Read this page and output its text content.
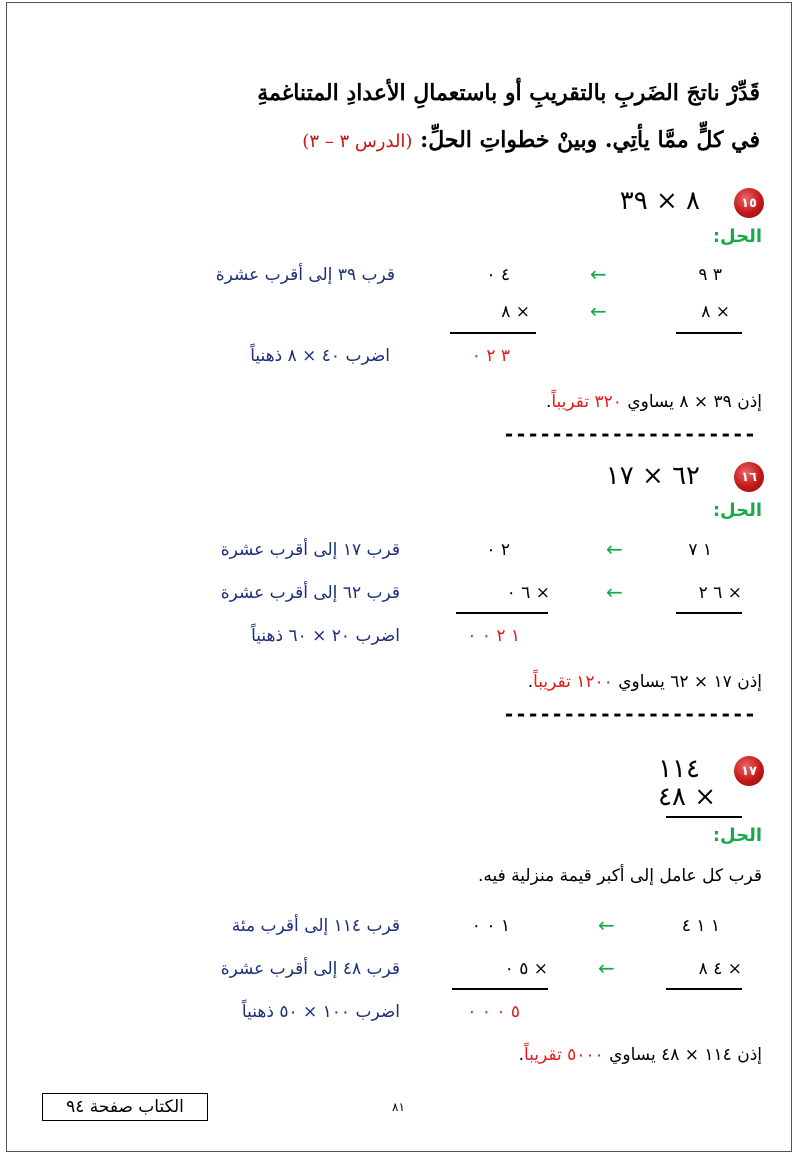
قَدِّرْ ناتجَ الضَربِ بالتقريبِ أو باستعمالِ الأعدادِ المتناغمةِ
في كلٍّ ممَّا يأتِي. وبينْ خطواتِ الحلِّ: (الدرس ٣ – ٣)
١٥
٨ × ٣٩
الحل:
٣ ٩
←
٤ ٠
قرب ٣٩ إلى أقرب عشرة
× ٨
←
× ٨
٣ ٢ ٠
اضرب ٤٠ × ٨ ذهنياً
إذن ٣٩ × ٨ يساوي ٣٢٠ تقريباً.
---------------------
١٦
٦٢ × ١٧
الحل:
١ ٧
←
٢ ٠
قرب ١٧ إلى أقرب عشرة
× ٦ ٢
←
× ٦ ٠
قرب ٦٢ إلى أقرب عشرة
١ ٢ ٠ ٠
اضرب ٢٠ × ٦٠ ذهنياً
إذن ١٧ × ٦٢ يساوي ١٢٠٠ تقريباً.
---------------------
١٧
١١٤
× ٤٨
الحل:
قرب كل عامل إلى أكبر قيمة منزلية فيه.
١ ١ ٤
←
١ ٠ ٠
قرب ١١٤ إلى أقرب مئة
× ٤ ٨
←
× ٥ ٠
قرب ٤٨ إلى أقرب عشرة
٥ ٠ ٠ ٠
اضرب ١٠٠ × ٥٠ ذهنياً
إذن ١١٤ × ٤٨ يساوي ٥٠٠٠ تقريباً.
الكتاب صفحة ٩٤	٨١
